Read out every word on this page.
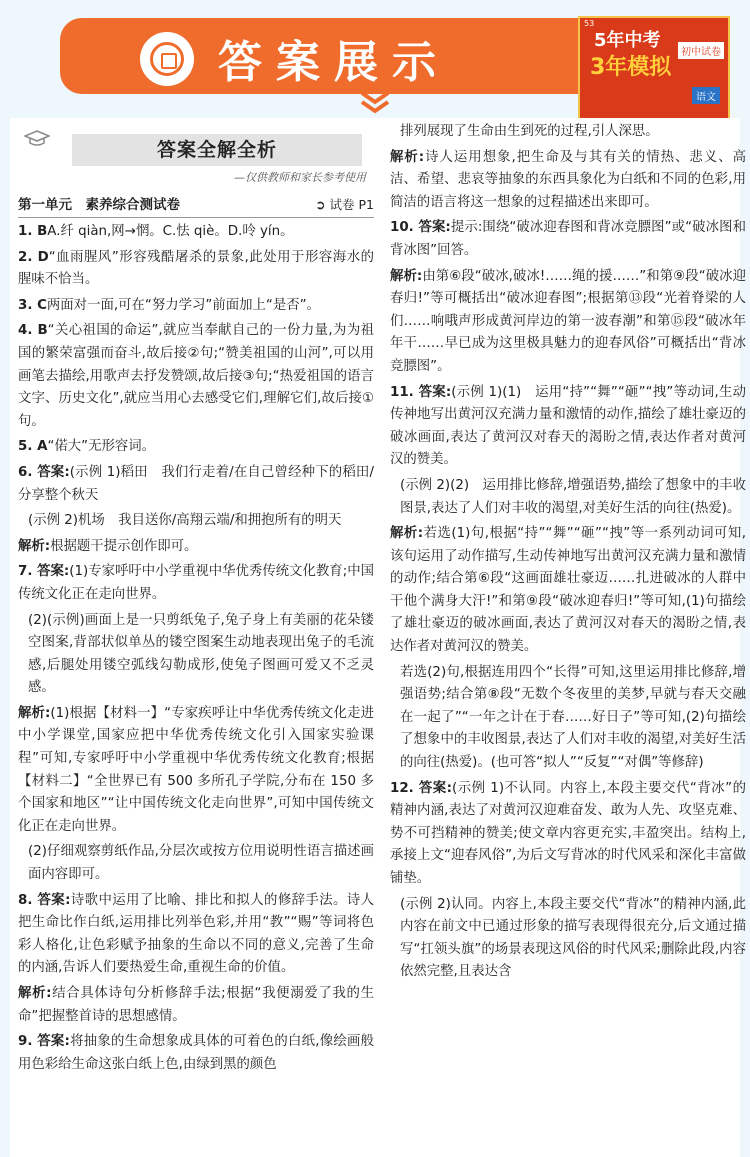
答案展示
53
5年中考
3年模拟
初中试卷
语文
答案全解全析
—仅供教师和家长参考使用
第一单元　素养综合测试卷	➲ 试卷 P1
1. BA.纤 qiàn,网→惘。C.怯 qiè。D.呤 yín。
2. D“血雨腥风”形容残酷屠杀的景象,此处用于形容海水的腥味不恰当。
3. C两面对一面,可在“努力学习”前面加上“是否”。
4. B“关心祖国的命运”,就应当奉献自己的一份力量,为为祖国的繁荣富强而奋斗,故后接②句;“赞美祖国的山河”,可以用画笔去描绘,用歌声去抒发赞颂,故后接③句;“热爱祖国的语言文字、历史文化”,就应当用心去感受它们,理解它们,故后接①句。
5. A“偌大”无形容词。
6. 答案:(示例 1)稻田　我们行走着/在自己曾经种下的稻田/分享整个秋天
(示例 2)机场　我目送你/高翔云端/和拥抱所有的明天
解析:根据题干提示创作即可。
7. 答案:(1)专家呼吁中小学重视中华优秀传统文化教育;中国传统文化正在走向世界。
(2)(示例)画面上是一只剪纸兔子,兔子身上有美丽的花朵镂空图案,背部状似单丛的镂空图案生动地表现出兔子的毛流感,后腿处用镂空弧线勾勒成形,使兔子图画可爱又不乏灵感。
解析:(1)根据【材料一】“专家疾呼让中华优秀传统文化走进中小学课堂,国家应把中华优秀传统文化引入国家实验课程”可知,专家呼吁中小学重视中华优秀传统文化教育;根据【材料二】“全世界已有 500 多所孔子学院,分布在 150 多个国家和地区”“让中国传统文化走向世界”,可知中国传统文化正在走向世界。
(2)仔细观察剪纸作品,分层次或按方位用说明性语言描述画面内容即可。
8. 答案:诗歌中运用了比喻、排比和拟人的修辞手法。诗人把生命比作白纸,运用排比列举色彩,并用“教”“赐”等词将色彩人格化,让色彩赋予抽象的生命以不同的意义,完善了生命的内涵,告诉人们要热爱生命,重视生命的价值。
解析:结合具体诗句分析修辞手法;根据“我便溺爱了我的生命”把握整首诗的思想感情。
9. 答案:将抽象的生命想象成具体的可着色的白纸,像绘画般用色彩给生命这张白纸上色,由绿到黑的颜色
排列展现了生命由生到死的过程,引人深思。
解析:诗人运用想象,把生命及与其有关的情热、悲义、高洁、希望、悲哀等抽象的东西具象化为白纸和不同的色彩,用简洁的语言将这一想象的过程描述出来即可。
10. 答案:提示:围绕“破冰迎春图和背冰竞膘图”或“破冰图和背冰图”回答。
解析:由第⑥段“破冰,破冰!……绳的援……”和第⑨段“破冰迎春归!”等可概括出“破冰迎春图”;根据第⑬段“光着脊梁的人们……响哦声形成黄河岸边的第一波春潮”和第⑮段“破冰年年干……早已成为这里极具魅力的迎春风俗”可概括出“背冰竞膘图”。
11. 答案:(示例 1)(1)　运用“持”“舞”“砸”“拽”等动词,生动传神地写出黄河汉充满力量和激情的动作,描绘了雄壮豪迈的破冰画面,表达了黄河汉对春天的渴盼之情,表达作者对黄河汉的赞美。
(示例 2)(2)　运用排比修辞,增强语势,描绘了想象中的丰收图景,表达了人们对丰收的渴望,对美好生活的向往(热爱)。
解析:若选(1)句,根据“持”“舞”“砸”“拽”等一系列动词可知,该句运用了动作描写,生动传神地写出黄河汉充满力量和激情的动作;结合第⑥段“这画面雄壮豪迈……扎进破冰的人群中干他个满身大汗!”和第⑨段“破冰迎春归!”等可知,(1)句描绘了雄壮豪迈的破冰画面,表达了黄河汉对春天的渴盼之情,表达作者对黄河汉的赞美。
若选(2)句,根据连用四个“长得”可知,这里运用排比修辞,增强语势;结合第⑧段“无数个冬夜里的美梦,早就与春天交融在一起了”“一年之计在于春……好日子”等可知,(2)句描绘了想象中的丰收图景,表达了人们对丰收的渴望,对美好生活的向往(热爱)。(也可答“拟人”“反复”“对偶”等修辞)
12. 答案:(示例 1)不认同。内容上,本段主要交代“背冰”的精神内涵,表达了对黄河汉迎难奋发、敢为人先、攻坚克难、势不可挡精神的赞美;使文章内容更充实,丰盈突出。结构上,承接上文“迎春风俗”,为后文写背冰的时代风采和深化丰富做铺垫。
(示例 2)认同。内容上,本段主要交代“背冰”的精神内涵,此内容在前文中已通过形象的描写表现得很充分,后文通过描写“扛领头旗”的场景表现这风俗的时代风采;删除此段,内容依然完整,且表达含
